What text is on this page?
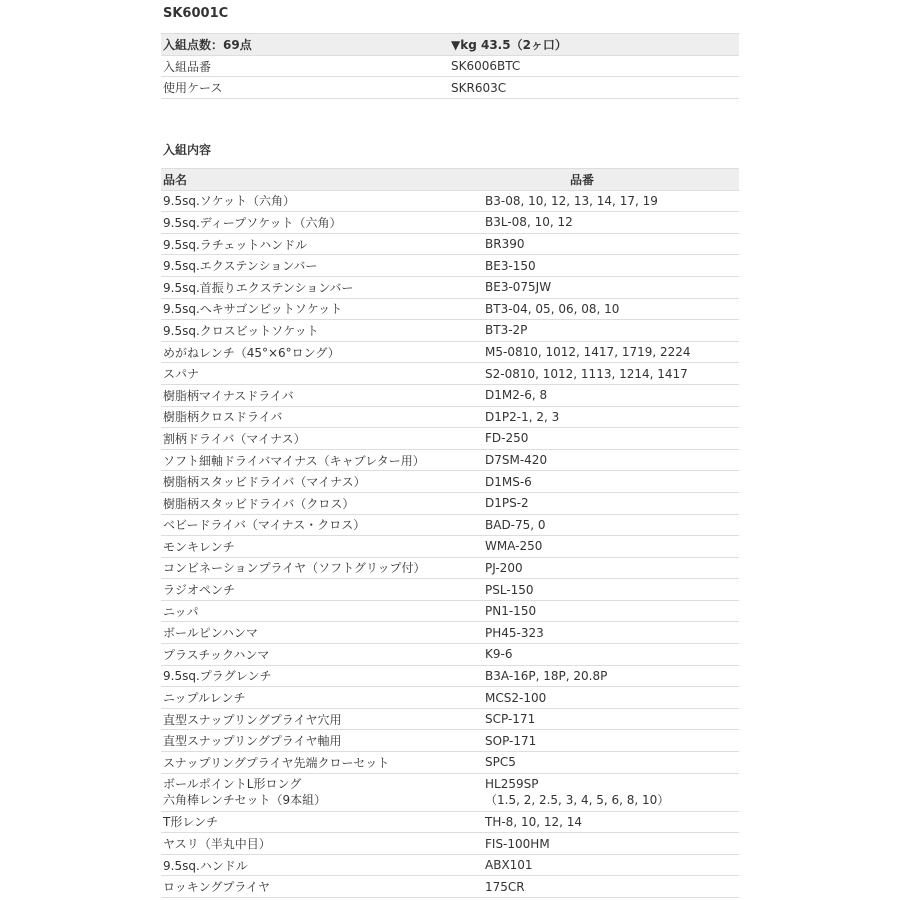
SK6001C
入組点数：69点	▼kg 43.5（2ヶ口）
入組品番	SK6006BTC
使用ケース	SKR603C
入組内容
品名	品番
9.5sq.ソケット（六角）	B3-08, 10, 12, 13, 14, 17, 19
9.5sq.ディープソケット（六角）	B3L-08, 10, 12
9.5sq.ラチェットハンドル	BR390
9.5sq.エクステンションバー	BE3-150
9.5sq.首振りエクステンションバー	BE3-075JW
9.5sq.ヘキサゴンビットソケット	BT3-04, 05, 06, 08, 10
9.5sq.クロスビットソケット	BT3-2P
めがねレンチ（45°×6°ロング）	M5-0810, 1012, 1417, 1719, 2224
スパナ	S2-0810, 1012, 1113, 1214, 1417
樹脂柄マイナスドライバ	D1M2-6, 8
樹脂柄クロスドライバ	D1P2-1, 2, 3
割柄ドライバ（マイナス）	FD-250
ソフト細軸ドライバマイナス（キャブレター用）	D7SM-420
樹脂柄スタッビドライバ（マイナス）	D1MS-6
樹脂柄スタッビドライバ（クロス）	D1PS-2
ベビードライバ（マイナス・クロス）	BAD-75, 0
モンキレンチ	WMA-250
コンビネーションプライヤ（ソフトグリップ付）	PJ-200
ラジオペンチ	PSL-150
ニッパ	PN1-150
ボールピンハンマ	PH45-323
プラスチックハンマ	K9-6
9.5sq.プラグレンチ	B3A-16P, 18P, 20.8P
ニップルレンチ	MCS2-100
直型スナップリングプライヤ穴用	SCP-171
直型スナップリングプライヤ軸用	SOP-171
スナップリングプライヤ先端クローセット	SPC5

ボールポイントL形ロング
六角棒レンチセット（9本組）	HL259SP
（1.5, 2, 2.5, 3, 4, 5, 6, 8, 10）

T形レンチ	TH-8, 10, 12, 14
ヤスリ（半丸中目）	FIS-100HM
9.5sq.ハンドル	ABX101
ロッキングプライヤ	175CR
